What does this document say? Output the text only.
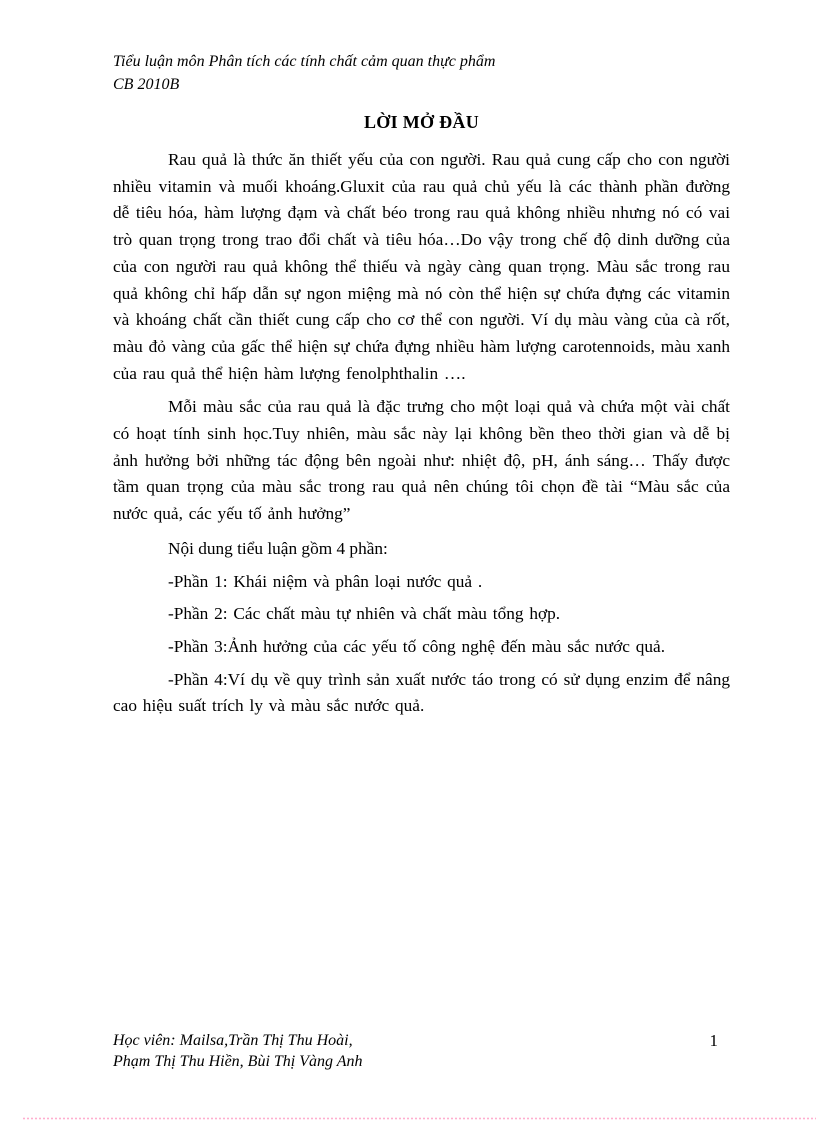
Tiểu luận môn Phân tích các tính chất cảm quan thực phẩm
CB 2010B
LỜI MỞ ĐẦU

Rau quả là thức ăn thiết yếu của con người. Rau quả cung cấp cho con người nhiều vitamin và muối khoáng.Gluxit của rau quả chủ yếu là các thành phần đường dễ tiêu hóa, hàm lượng đạm và chất béo trong rau quả không nhiều nhưng nó có vai trò quan trọng trong trao đổi chất và tiêu hóa…Do vậy trong chế độ dinh dưỡng của của con người rau quả không thể thiếu và ngày càng quan trọng. Màu sắc trong rau quả không chỉ hấp dẫn sự ngon miệng mà nó còn thể hiện sự chứa đựng các vitamin và khoáng chất cần thiết cung cấp cho cơ thể con người. Ví dụ màu vàng của cà rốt, màu đỏ vàng của gấc thể hiện sự chứa đựng nhiều hàm lượng carotennoids, màu xanh của rau quả thể hiện hàm lượng fenolphthalin ….

Mỗi màu sắc của rau quả là đặc trưng cho một loại quả và chứa một vài chất có hoạt tính sinh học.Tuy nhiên, màu sắc này lại không bền theo thời gian và dễ bị ảnh hưởng bởi những tác động bên ngoài như: nhiệt độ, pH, ánh sáng… Thấy được tầm quan trọng của màu sắc trong rau quả nên chúng tôi chọn đề tài “Màu sắc của nước quả, các yếu tố ảnh hưởng”

Nội dung tiểu luận gồm 4 phần:

-Phần 1: Khái niệm và phân loại nước quả .

-Phần 2: Các chất màu tự nhiên và chất màu tổng hợp.

-Phần 3:Ảnh hưởng của các yếu tố công nghệ đến màu sắc nước quả.

-Phần 4:Ví dụ về quy trình sản xuất nước táo trong có sử dụng enzim để nâng cao hiệu suất trích ly và màu sắc nước quả.

Học viên: Mailsa,Trần Thị Thu Hoài,
Phạm Thị Thu Hiền, Bùi Thị Vàng Anh
1
